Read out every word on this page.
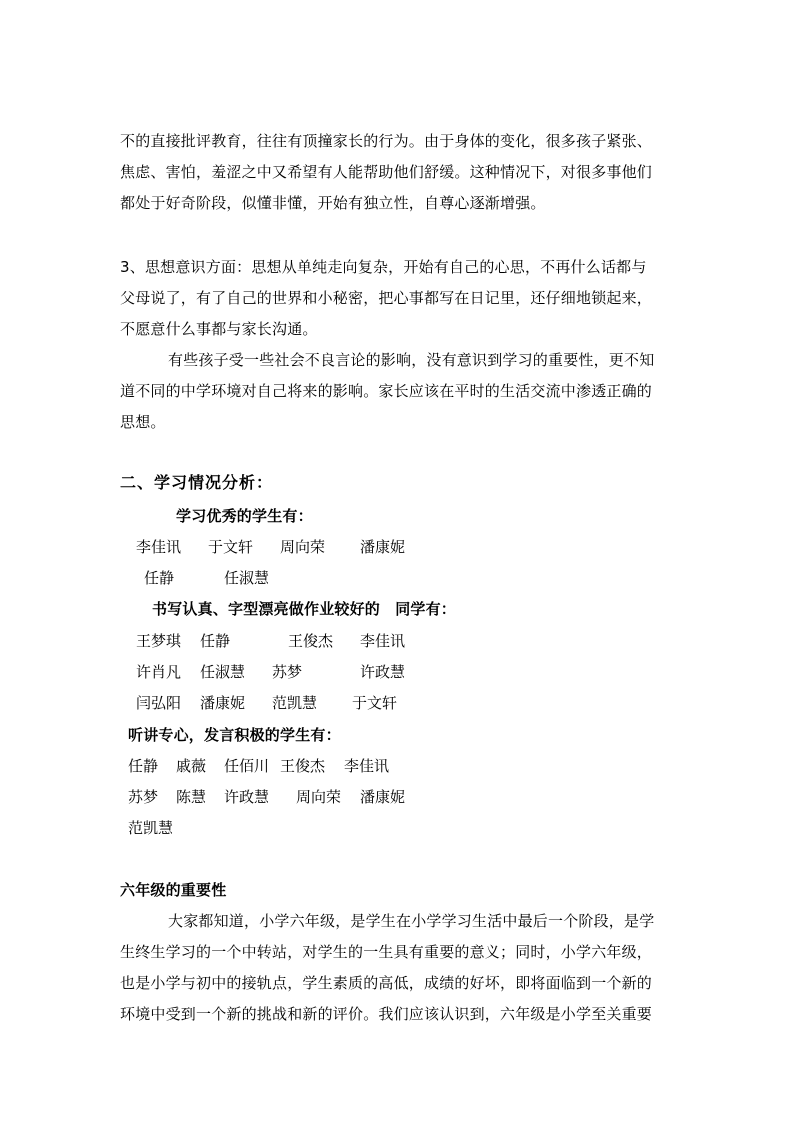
不的直接批评教育，往往有顶撞家长的行为。由于身体的变化，很多孩子紧张、
焦虑、害怕，羞涩之中又希望有人能帮助他们舒缓。这种情况下，对很多事他们
都处于好奇阶段，似懂非懂，开始有独立性，自尊心逐渐增强。
3、思想意识方面：思想从单纯走向复杂，开始有自己的心思，不再什么话都与
父母说了，有了自己的世界和小秘密，把心事都写在日记里，还仔细地锁起来，
不愿意什么事都与家长沟通。
有些孩子受一些社会不良言论的影响，没有意识到学习的重要性，更不知
道不同的中学环境对自己将来的影响。家长应该在平时的生活交流中渗透正确的
思想。
二、学习情况分析：
学习优秀的学生有：
李佳讯 于文轩 周向荣 潘康妮
任静	任淑慧
书写认真、字型漂亮做作业较好的　同学有：
王梦琪 任静	王俊杰 李佳讯
许肖凡 任淑慧 苏梦	许政慧
闫弘阳 潘康妮 范凯慧 于文轩
听讲专心，发言积极的学生有：
任静 戚薇 任佰川 王俊杰 李佳讯
苏梦 陈慧 许政慧 周向荣 潘康妮
范凯慧
六年级的重要性
大家都知道，小学六年级，是学生在小学学习生活中最后一个阶段，是学
生终生学习的一个中转站，对学生的一生具有重要的意义；同时，小学六年级，
也是小学与初中的接轨点，学生素质的高低，成绩的好坏，即将面临到一个新的
环境中受到一个新的挑战和新的评价。我们应该认识到，六年级是小学至关重要
